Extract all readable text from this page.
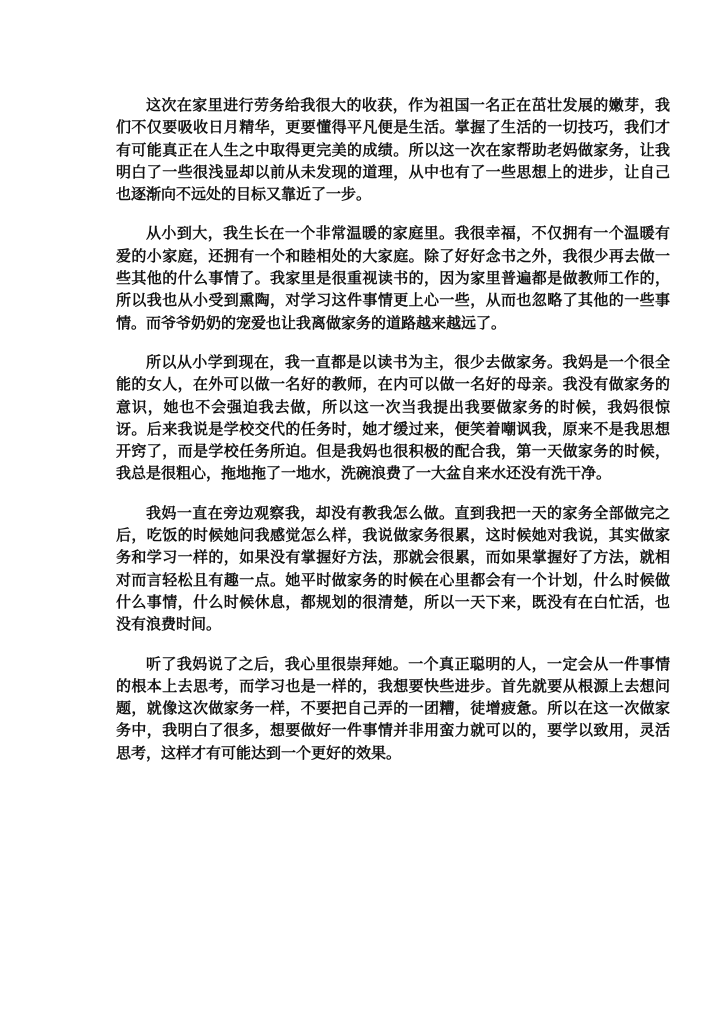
这次在家里进行劳务给我很大的收获，作为祖国一名正在茁壮发展的嫩芽，我们不仅要吸收日月精华，更要懂得平凡便是生活。掌握了生活的一切技巧，我们才有可能真正在人生之中取得更完美的成绩。所以这一次在家帮助老妈做家务，让我明白了一些很浅显却以前从未发现的道理，从中也有了一些思想上的进步，让自己也逐渐向不远处的目标又靠近了一步。

从小到大，我生长在一个非常温暖的家庭里。我很幸福，不仅拥有一个温暖有爱的小家庭，还拥有一个和睦相处的大家庭。除了好好念书之外，我很少再去做一些其他的什么事情了。我家里是很重视读书的，因为家里普遍都是做教师工作的，所以我也从小受到熏陶，对学习这件事情更上心一些，从而也忽略了其他的一些事情。而爷爷奶奶的宠爱也让我离做家务的道路越来越远了。

所以从小学到现在，我一直都是以读书为主，很少去做家务。我妈是一个很全能的女人，在外可以做一名好的教师，在内可以做一名好的母亲。我没有做家务的意识，她也不会强迫我去做，所以这一次当我提出我要做家务的时候，我妈很惊讶。后来我说是学校交代的任务时，她才缓过来，便笑着嘲讽我，原来不是我思想开窍了，而是学校任务所迫。但是我妈也很积极的配合我，第一天做家务的时候，我总是很粗心，拖地拖了一地水，洗碗浪费了一大盆自来水还没有洗干净。

我妈一直在旁边观察我，却没有教我怎么做。直到我把一天的家务全部做完之后，吃饭的时候她问我感觉怎么样，我说做家务很累，这时候她对我说，其实做家务和学习一样的，如果没有掌握好方法，那就会很累，而如果掌握好了方法，就相对而言轻松且有趣一点。她平时做家务的时候在心里都会有一个计划，什么时候做什么事情，什么时候休息，都规划的很清楚，所以一天下来，既没有在白忙活，也没有浪费时间。

听了我妈说了之后，我心里很崇拜她。一个真正聪明的人，一定会从一件事情的根本上去思考，而学习也是一样的，我想要快些进步。首先就要从根源上去想问题，就像这次做家务一样，不要把自己弄的一团糟，徒增疲惫。所以在这一次做家务中，我明白了很多，想要做好一件事情并非用蛮力就可以的，要学以致用，灵活思考，这样才有可能达到一个更好的效果。
